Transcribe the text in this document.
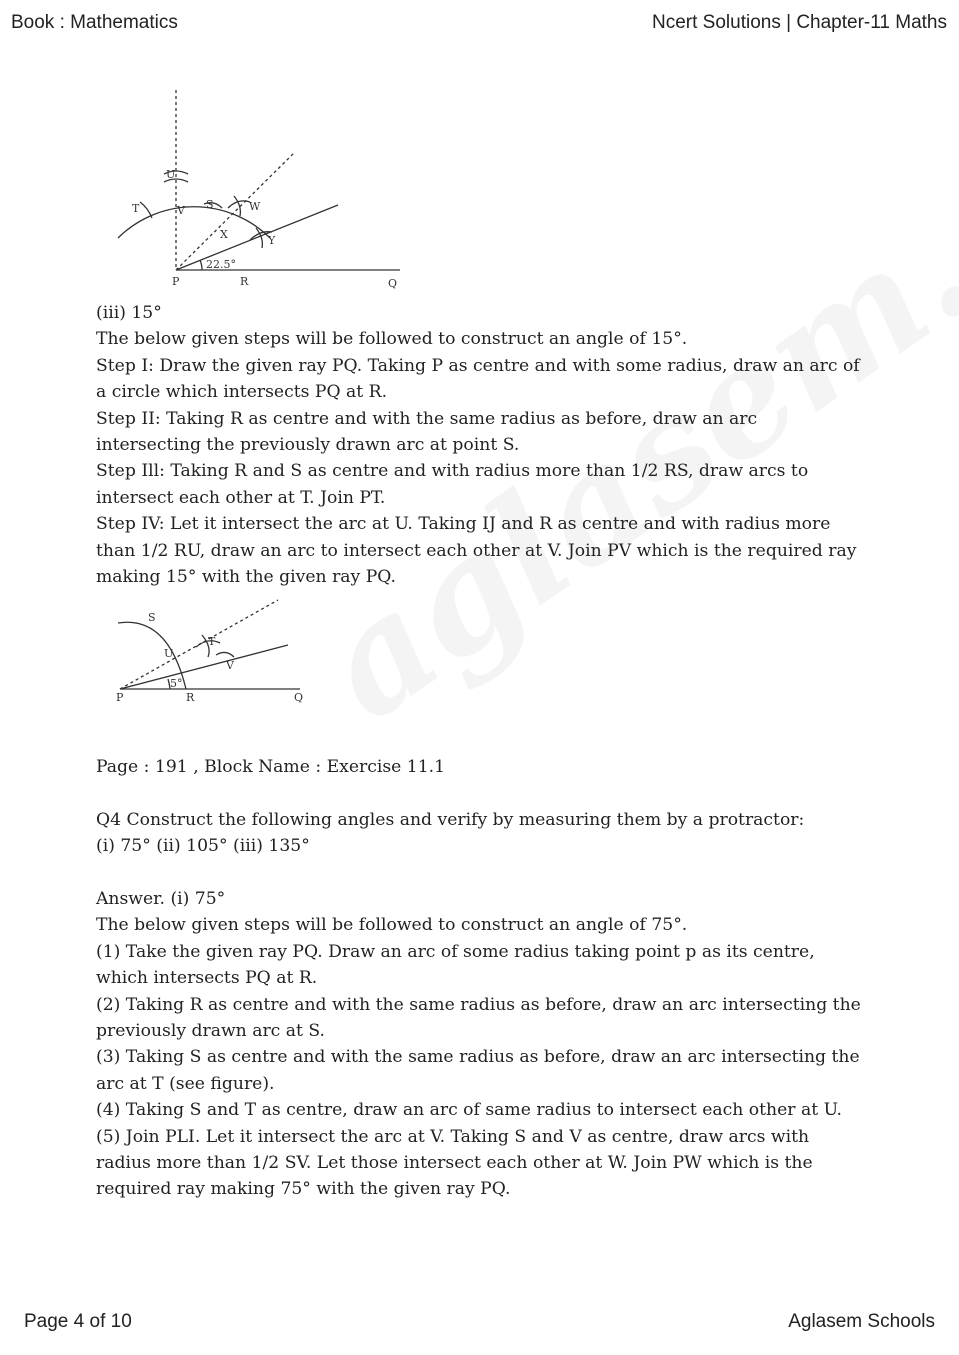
Book : Mathematics	Ncert Solutions | Chapter-11 Maths
U
T	V S	W
X	Y
22.5°
P	R	Q

(iii) 15°

The below given steps will be followed to construct an angle of 15°.

Step I: Draw the given ray PQ. Taking P as centre and with some radius, draw an arc of a circle which intersects PQ at R.

Step II: Taking R as centre and with the same radius as before, draw an arc intersecting the previously drawn arc at point S.

Step Ill: Taking R and S as centre and with radius more than 1/2 RS, draw arcs to intersect each other at T. Join PT.

Step IV: Let it intersect the arc at U. Taking IJ and R as centre and with radius more than 1/2 RU, draw an arc to intersect each other at V. Join PV which is the required ray making 15° with the given ray PQ.

S
T
U
V
5°
P	R	Q

Page : 191 , Block Name : Exercise 11.1

Q4 Construct the following angles and verify by measuring them by a protractor:

(i) 75° (ii) 105° (iii) 135°

Answer. (i) 75°

The below given steps will be followed to construct an angle of 75°.

(1) Take the given ray PQ. Draw an arc of some radius taking point p as its centre, which intersects PQ at R.

(2) Taking R as centre and with the same radius as before, draw an arc intersecting the previously drawn arc at S.

(3) Taking S as centre and with the same radius as before, draw an arc intersecting the arc at T (see figure).

(4) Taking S and T as centre, draw an arc of same radius to intersect each other at U.

(5) Join PLI. Let it intersect the arc at V. Taking S and V as centre, draw arcs with radius more than 1/2 SV. Let those intersect each other at W. Join PW which is the required ray making 75° with the given ray PQ.

Page 4 of 10	Aglasem Schools
